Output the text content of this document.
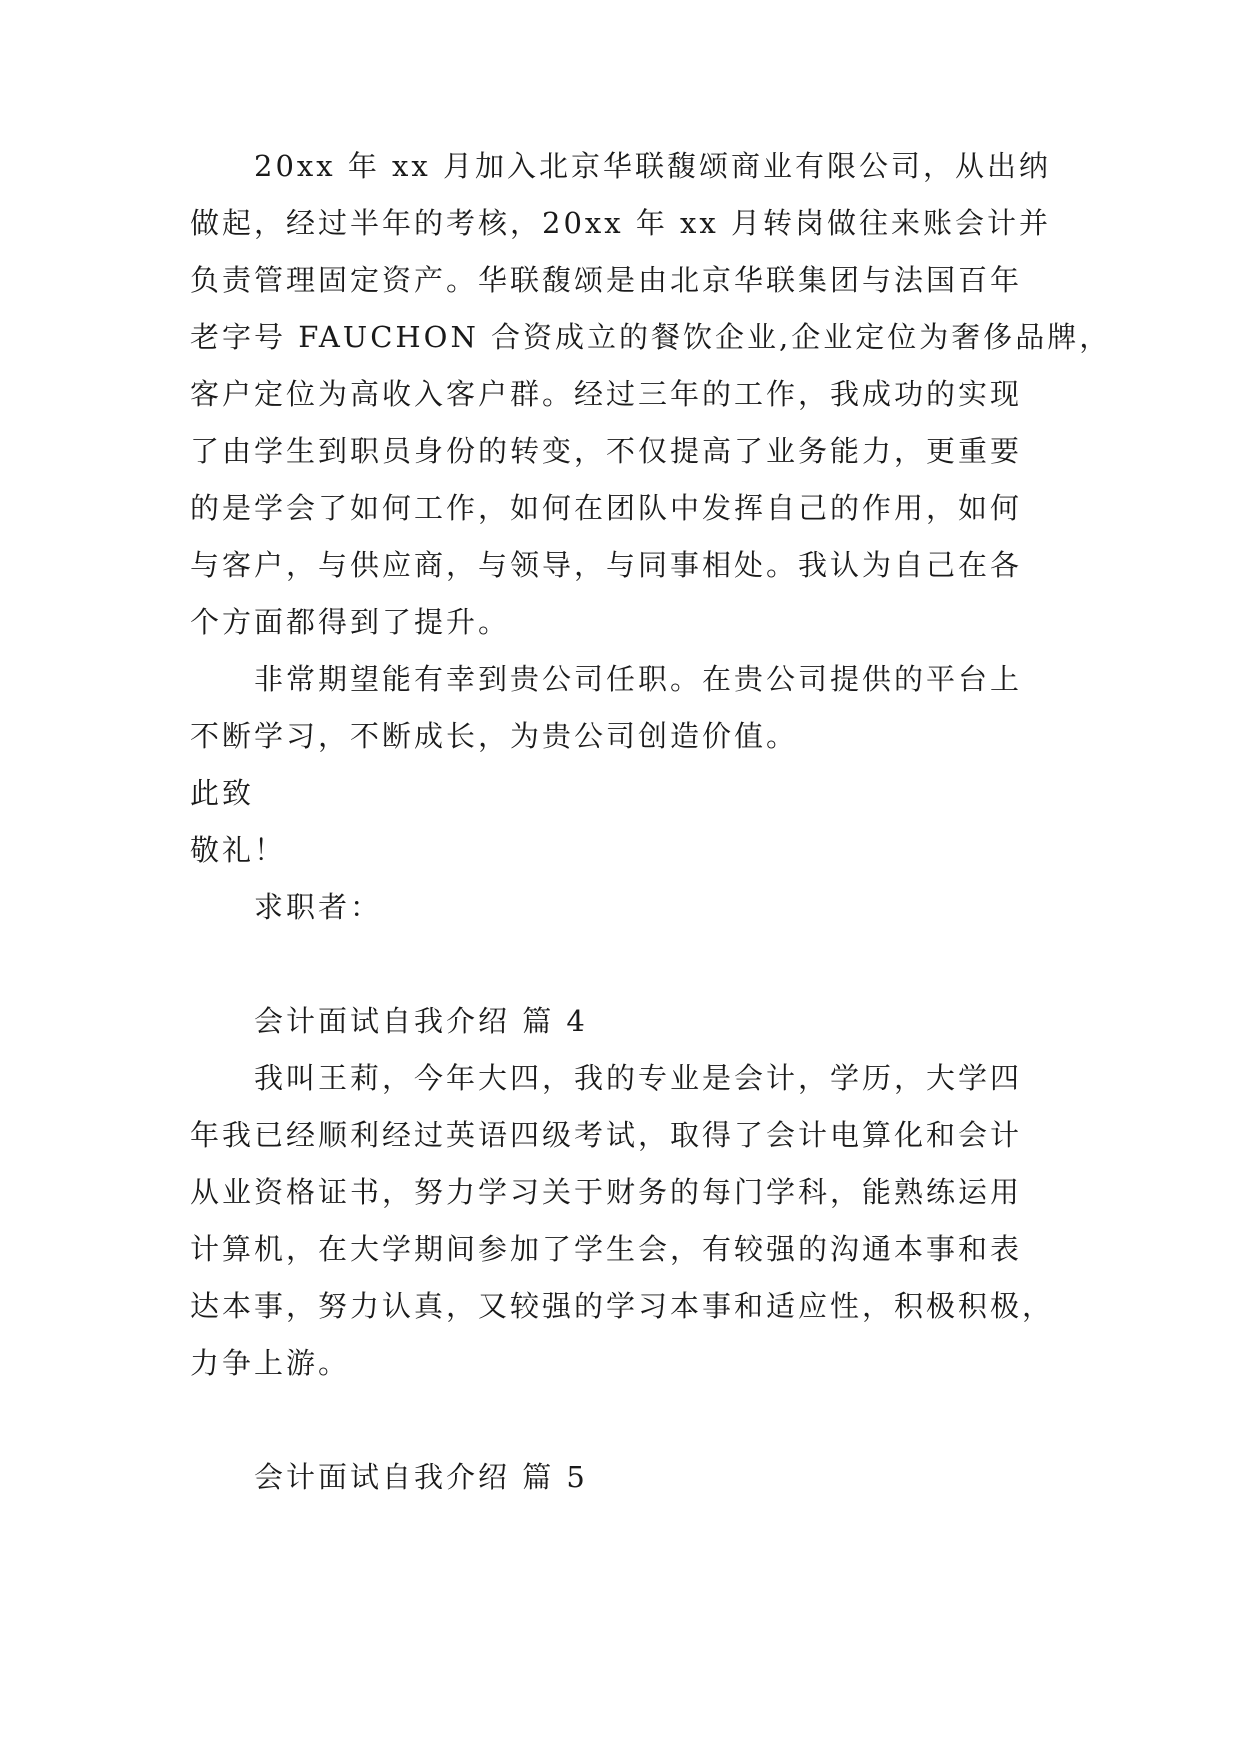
20xx 年 xx 月加入北京华联馥颂商业有限公司，从出纳
做起，经过半年的考核，20xx 年 xx 月转岗做往来账会计并
负责管理固定资产。华联馥颂是由北京华联集团与法国百年
老字号 FAUCHON 合资成立的餐饮企业,企业定位为奢侈品牌，
客户定位为高收入客户群。经过三年的工作，我成功的实现
了由学生到职员身份的转变，不仅提高了业务能力，更重要
的是学会了如何工作，如何在团队中发挥自己的作用，如何
与客户，与供应商，与领导，与同事相处。我认为自己在各
个方面都得到了提升。
非常期望能有幸到贵公司任职。在贵公司提供的平台上
不断学习，不断成长，为贵公司创造价值。
此致
敬礼！
求职者：
会计面试自我介绍 篇 4
我叫王莉，今年大四，我的专业是会计，学历，大学四
年我已经顺利经过英语四级考试，取得了会计电算化和会计
从业资格证书，努力学习关于财务的每门学科，能熟练运用
计算机，在大学期间参加了学生会，有较强的沟通本事和表
达本事，努力认真，又较强的学习本事和适应性，积极积极，
力争上游。
会计面试自我介绍 篇 5
